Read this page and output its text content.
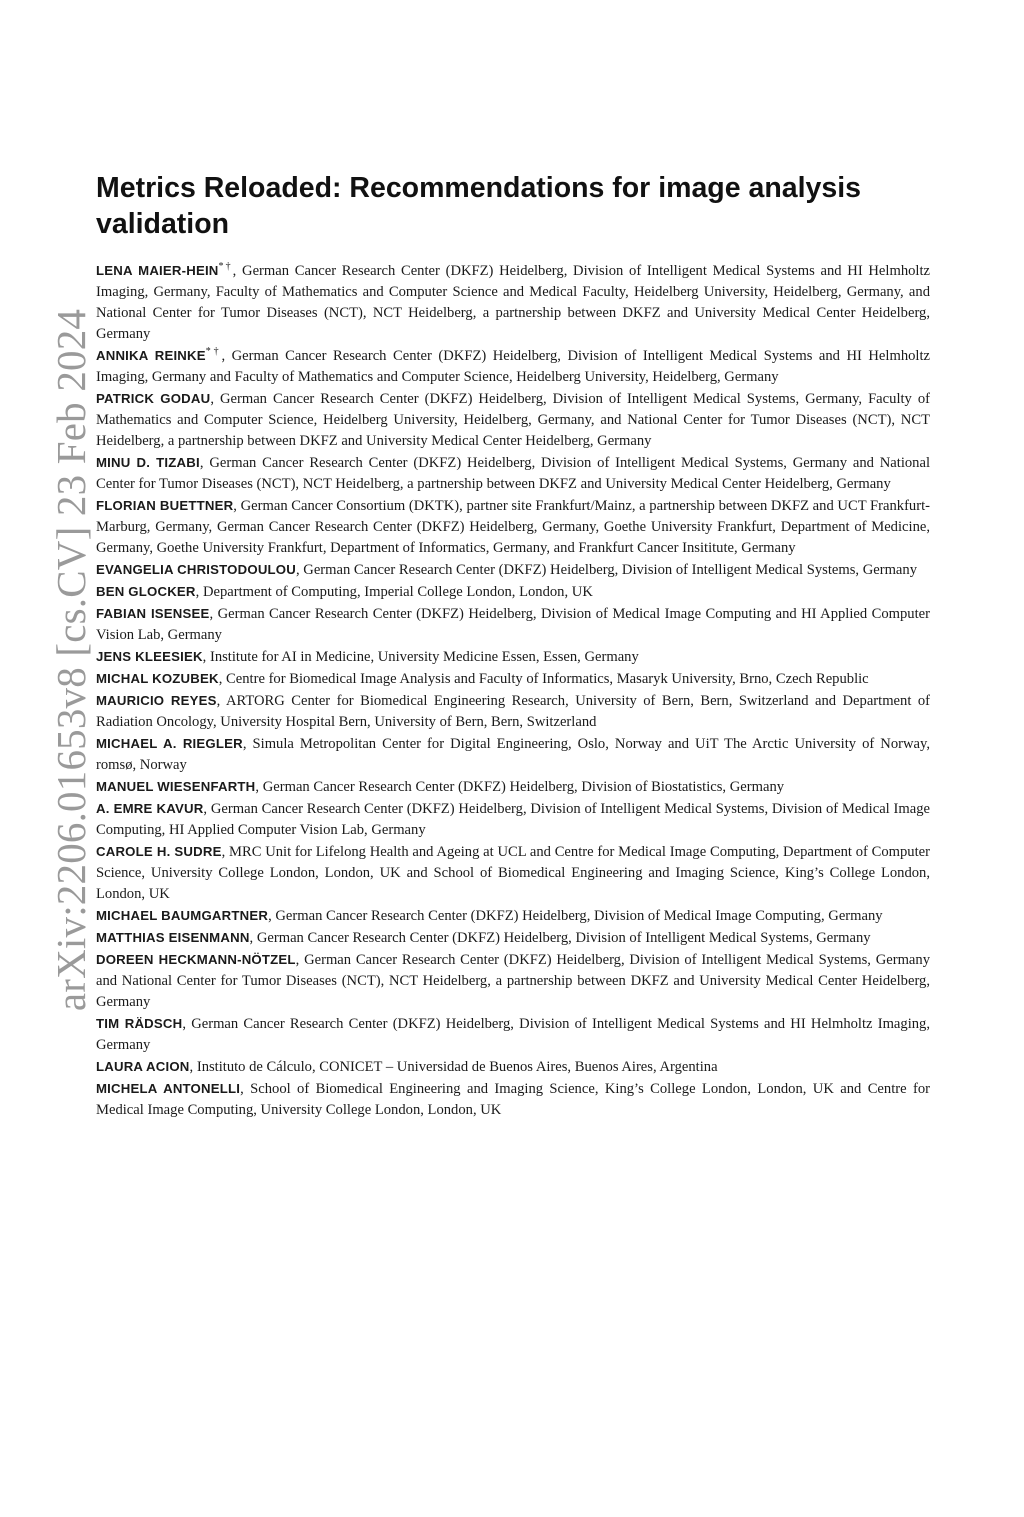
arXiv:2206.01653v8 [cs.CV] 23 Feb 2024
Metrics Reloaded: Recommendations for image analysis validation

LENA MAIER-HEIN*†, German Cancer Research Center (DKFZ) Heidelberg, Division of Intelligent Medical Systems and HI Helmholtz Imaging, Germany, Faculty of Mathematics and Computer Science and Medical Faculty, Heidelberg University, Heidelberg, Germany, and National Center for Tumor Diseases (NCT), NCT Heidelberg, a partnership between DKFZ and University Medical Center Heidelberg, Germany

ANNIKA REINKE*†, German Cancer Research Center (DKFZ) Heidelberg, Division of Intelligent Medical Systems and HI Helmholtz Imaging, Germany and Faculty of Mathematics and Computer Science, Heidelberg University, Heidelberg, Germany

PATRICK GODAU, German Cancer Research Center (DKFZ) Heidelberg, Division of Intelligent Medical Systems, Germany, Faculty of Mathematics and Computer Science, Heidelberg University, Heidelberg, Germany, and National Center for Tumor Diseases (NCT), NCT Heidelberg, a partnership between DKFZ and University Medical Center Heidelberg, Germany

MINU D. TIZABI, German Cancer Research Center (DKFZ) Heidelberg, Division of Intelligent Medical Systems, Germany and National Center for Tumor Diseases (NCT), NCT Heidelberg, a partnership between DKFZ and University Medical Center Heidelberg, Germany

FLORIAN BUETTNER, German Cancer Consortium (DKTK), partner site Frankfurt/Mainz, a partnership between DKFZ and UCT Frankfurt-Marburg, Germany, German Cancer Research Center (DKFZ) Heidelberg, Germany, Goethe University Frankfurt, Department of Medicine, Germany, Goethe University Frankfurt, Department of Informatics, Germany, and Frankfurt Cancer Insititute, Germany

EVANGELIA CHRISTODOULOU, German Cancer Research Center (DKFZ) Heidelberg, Division of Intelligent Medical Systems, Germany

BEN GLOCKER, Department of Computing, Imperial College London, London, UK

FABIAN ISENSEE, German Cancer Research Center (DKFZ) Heidelberg, Division of Medical Image Computing and HI Applied Computer Vision Lab, Germany

JENS KLEESIEK, Institute for AI in Medicine, University Medicine Essen, Essen, Germany

MICHAL KOZUBEK, Centre for Biomedical Image Analysis and Faculty of Informatics, Masaryk University, Brno, Czech Republic

MAURICIO REYES, ARTORG Center for Biomedical Engineering Research, University of Bern, Bern, Switzerland and Department of Radiation Oncology, University Hospital Bern, University of Bern, Bern, Switzerland

MICHAEL A. RIEGLER, Simula Metropolitan Center for Digital Engineering, Oslo, Norway and UiT The Arctic University of Norway, romsø, Norway

MANUEL WIESENFARTH, German Cancer Research Center (DKFZ) Heidelberg, Division of Biostatistics, Germany

A. EMRE KAVUR, German Cancer Research Center (DKFZ) Heidelberg, Division of Intelligent Medical Systems, Division of Medical Image Computing, HI Applied Computer Vision Lab, Germany

CAROLE H. SUDRE, MRC Unit for Lifelong Health and Ageing at UCL and Centre for Medical Image Computing, Department of Computer Science, University College London, London, UK and School of Biomedical Engineering and Imaging Science, King’s College London, London, UK

MICHAEL BAUMGARTNER, German Cancer Research Center (DKFZ) Heidelberg, Division of Medical Image Computing, Germany

MATTHIAS EISENMANN, German Cancer Research Center (DKFZ) Heidelberg, Division of Intelligent Medical Systems, Germany

DOREEN HECKMANN-NÖTZEL, German Cancer Research Center (DKFZ) Heidelberg, Division of Intelligent Medical Systems, Germany and National Center for Tumor Diseases (NCT), NCT Heidelberg, a partnership between DKFZ and University Medical Center Heidelberg, Germany

TIM RÄDSCH, German Cancer Research Center (DKFZ) Heidelberg, Division of Intelligent Medical Systems and HI Helmholtz Imaging, Germany

LAURA ACION, Instituto de Cálculo, CONICET – Universidad de Buenos Aires, Buenos Aires, Argentina

MICHELA ANTONELLI, School of Biomedical Engineering and Imaging Science, King’s College London, London, UK and Centre for Medical Image Computing, University College London, London, UK
